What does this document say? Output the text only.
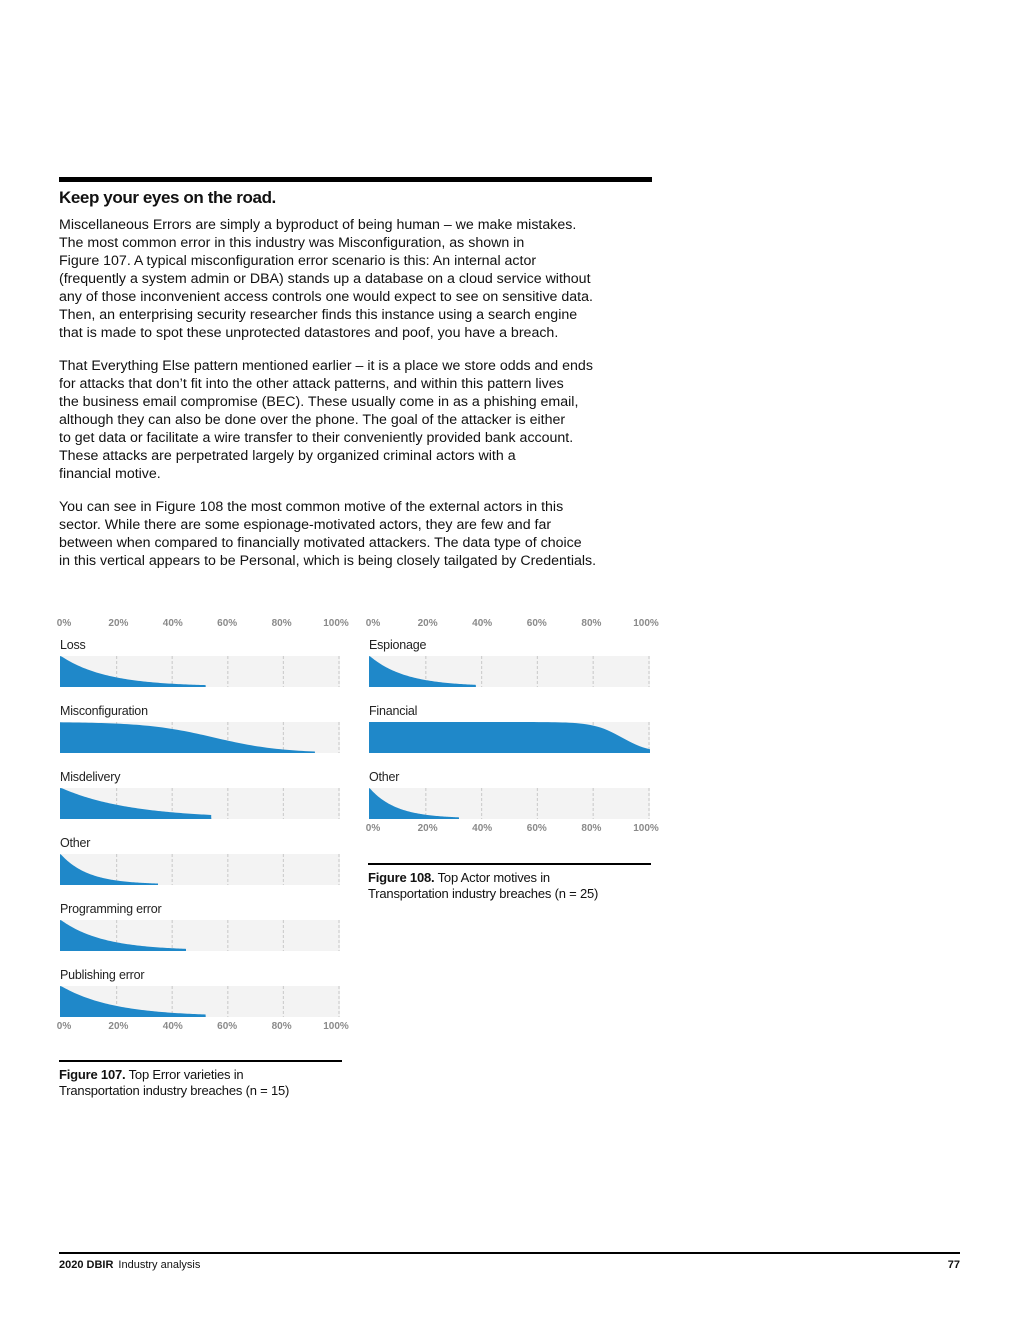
Keep your eyes on the road.

Miscellaneous Errors are simply a byproduct of being human – we make mistakes.
The most common error in this industry was Misconfiguration, as shown in
Figure 107. A typical misconfiguration error scenario is this: An internal actor
(frequently a system admin or DBA) stands up a database on a cloud service without
any of those inconvenient access controls one would expect to see on sensitive data.
Then, an enterprising security researcher finds this instance using a search engine
that is made to spot these unprotected datastores and poof, you have a breach.

That Everything Else pattern mentioned earlier – it is a place we store odds and ends
for attacks that don’t fit into the other attack patterns, and within this pattern lives
the business email compromise (BEC). These usually come in as a phishing email,
although they can also be done over the phone. The goal of the attacker is either
to get data or facilitate a wire transfer to their conveniently provided bank account.
These attacks are perpetrated largely by organized criminal actors with a
financial motive.

You can see in Figure 108 the most common motive of the external actors in this
sector. While there are some espionage-motivated actors, they are few and far
between when compared to financially motivated attackers. The data type of choice
in this vertical appears to be Personal, which is being closely tailgated by Credentials.

0%	20%	40%	60%	80%	100%
Loss
Misconfiguration
Misdelivery
Other
Programming error
Publishing error
0%	20%	40%	60%	80%	100%
Figure 107. Top Error varieties in
Transportation industry breaches (n = 15)
0%	20%	40%	60%	80%	100%
Espionage
Financial
Other
0%	20%	40%	60%	80%	100%
Figure 108. Top Actor motives in
Transportation industry breaches (n = 25)
2020 DBIR Industry analysis	77
